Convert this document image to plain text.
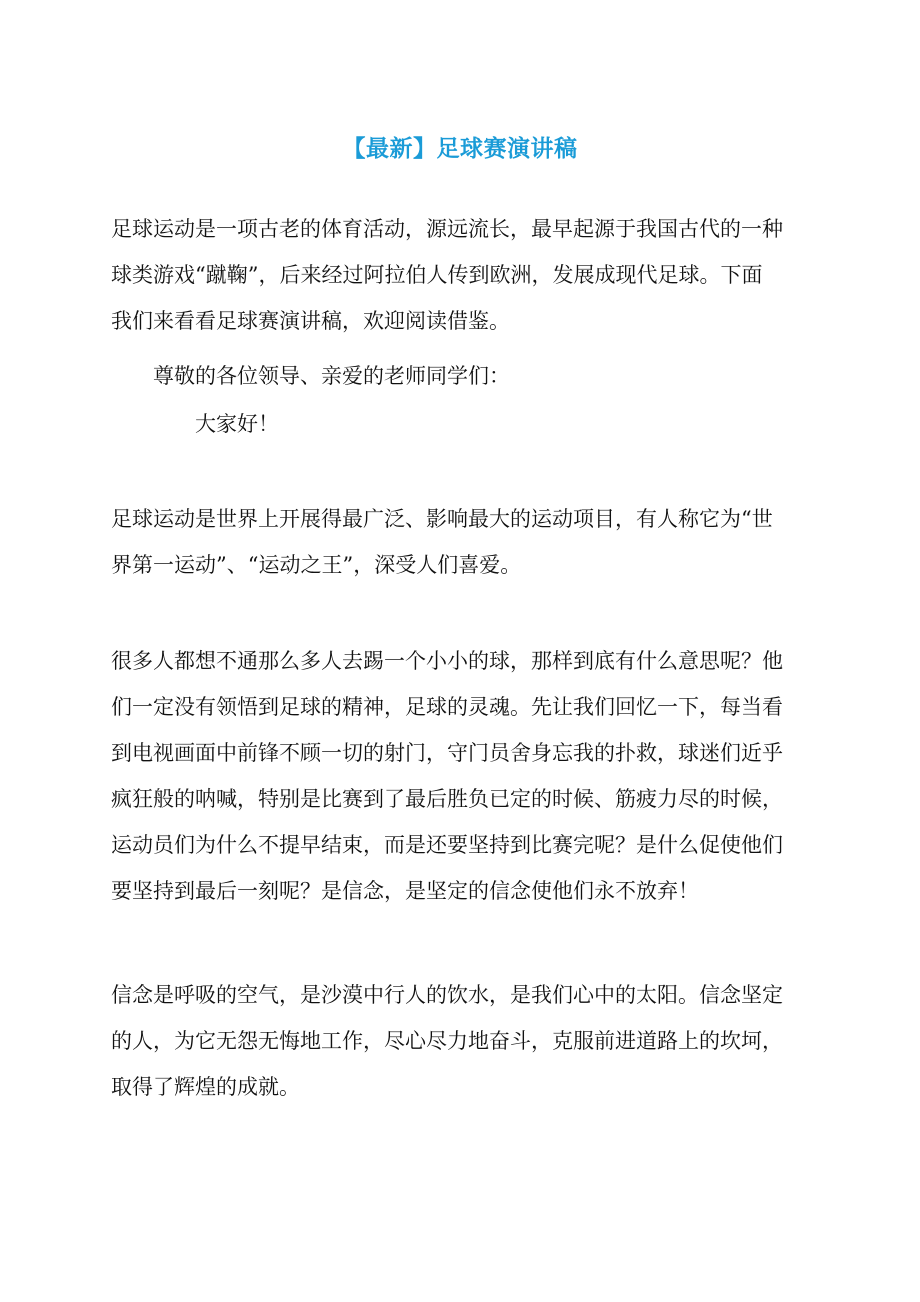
【最新】足球赛演讲稿

足球运动是一项古老的体育活动，源远流长，最早起源于我国古代的一种
球类游戏“蹴鞠”，后来经过阿拉伯人传到欧洲，发展成现代足球。下面
我们来看看足球赛演讲稿，欢迎阅读借鉴。

尊敬的各位领导、亲爱的老师同学们：

大家好！

足球运动是世界上开展得最广泛、影响最大的运动项目，有人称它为“世
界第一运动”、“运动之王”，深受人们喜爱。

很多人都想不通那么多人去踢一个小小的球，那样到底有什么意思呢？他
们一定没有领悟到足球的精神，足球的灵魂。先让我们回忆一下，每当看
到电视画面中前锋不顾一切的射门，守门员舍身忘我的扑救，球迷们近乎
疯狂般的呐喊，特别是比赛到了最后胜负已定的时候、筋疲力尽的时候，
运动员们为什么不提早结束，而是还要坚持到比赛完呢？是什么促使他们
要坚持到最后一刻呢？是信念，是坚定的信念使他们永不放弃！

信念是呼吸的空气，是沙漠中行人的饮水，是我们心中的太阳。信念坚定
的人，为它无怨无悔地工作，尽心尽力地奋斗，克服前进道路上的坎坷，
取得了辉煌的成就。
